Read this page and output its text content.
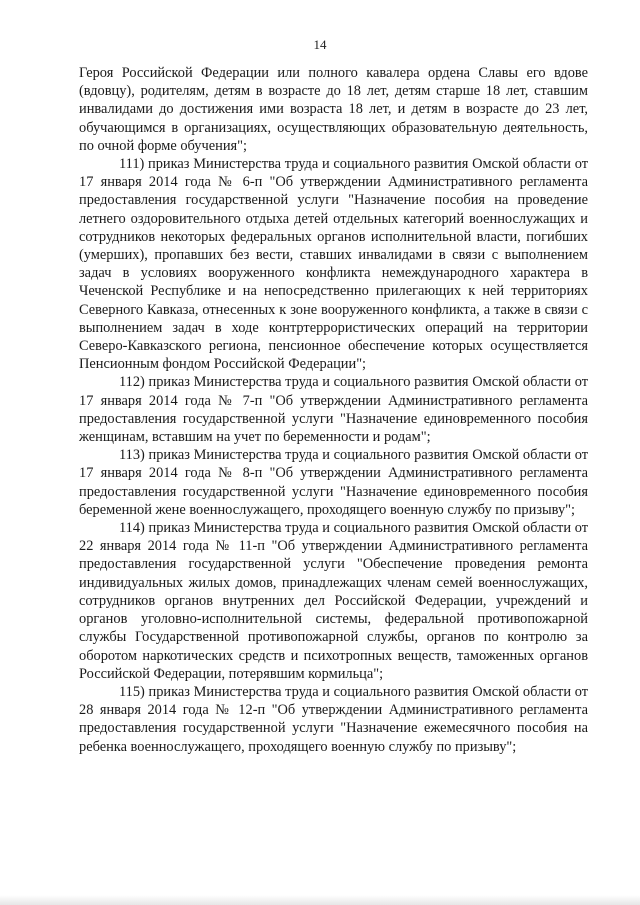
14

Героя Российской Федерации или полного кавалера ордена Славы его вдове (вдовцу), родителям, детям в возрасте до 18 лет, детям старше 18 лет, ставшим инвалидами до достижения ими возраста 18 лет, и детям в возрасте до 23 лет, обучающимся в организациях, осуществляющих образовательную деятельность, по очной форме обучения";

111) приказ Министерства труда и социального развития Омской области от 17 января 2014 года № 6-п "Об утверждении Административного регламента предоставления государственной услуги "Назначение пособия на проведение летнего оздоровительного отдыха детей отдельных категорий военнослужащих и сотрудников некоторых федеральных органов исполнительной власти, погибших (умерших), пропавших без вести, ставших инвалидами в связи с выполнением задач в условиях вооруженного конфликта немеждународного характера в Чеченской Республике и на непосредственно прилегающих к ней территориях Северного Кавказа, отнесенных к зоне вооруженного конфликта, а также в связи с выполнением задач в ходе контртеррористических операций на территории Северо-Кавказского региона, пенсионное обеспечение которых осуществляется Пенсионным фондом Российской Федерации";

112) приказ Министерства труда и социального развития Омской области от 17 января 2014 года № 7-п "Об утверждении Административного регламента предоставления государственной услуги "Назначение единовременного пособия женщинам, вставшим на учет по беременности и родам";

113) приказ Министерства труда и социального развития Омской области от 17 января 2014 года № 8-п "Об утверждении Административного регламента предоставления государственной услуги "Назначение единовременного пособия беременной жене военнослужащего, проходящего военную службу по призыву";

114) приказ Министерства труда и социального развития Омской области от 22 января 2014 года № 11-п "Об утверждении Административного регламента предоставления государственной услуги "Обеспечение проведения ремонта индивидуальных жилых домов, принадлежащих членам семей военнослужащих, сотрудников органов внутренних дел Российской Федерации, учреждений и органов уголовно-исполнительной системы, федеральной противопожарной службы Государственной противопожарной службы, органов по контролю за оборотом наркотических средств и психотропных веществ, таможенных органов Российской Федерации, потерявшим кормильца";

115) приказ Министерства труда и социального развития Омской области от 28 января 2014 года № 12-п "Об утверждении Административного регламента предоставления государственной услуги "Назначение ежемесячного пособия на ребенка военнослужащего, проходящего военную службу по призыву";
